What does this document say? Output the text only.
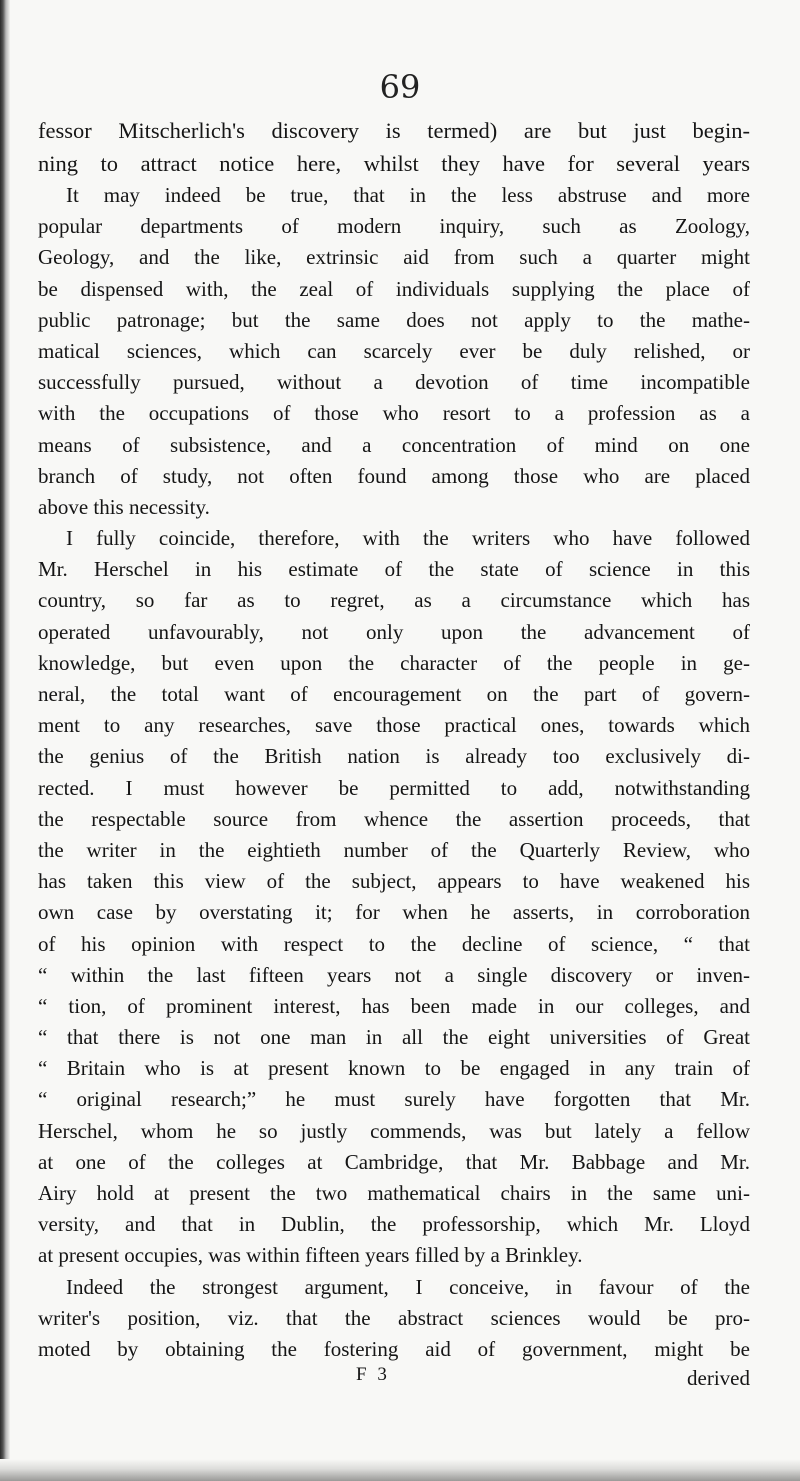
69
fessor Mitscherlich's discovery is termed) are but just begin-
ning to attract notice here, whilst they have for several years
It may indeed be true, that in the less abstruse and more
popular departments of modern inquiry, such as Zoology,
Geology, and the like, extrinsic aid from such a quarter might
be dispensed with, the zeal of individuals supplying the place of
public patronage; but the same does not apply to the mathe-
matical sciences, which can scarcely ever be duly relished, or
successfully pursued, without a devotion of time incompatible
with the occupations of those who resort to a profession as a
means of subsistence, and a concentration of mind on one
branch of study, not often found among those who are placed
above this necessity.
I fully coincide, therefore, with the writers who have followed
Mr. Herschel in his estimate of the state of science in this
country, so far as to regret, as a circumstance which has
operated unfavourably, not only upon the advancement of
knowledge, but even upon the character of the people in ge-
neral, the total want of encouragement on the part of govern-
ment to any researches, save those practical ones, towards which
the genius of the British nation is already too exclusively di-
rected. I must however be permitted to add, notwithstanding
the respectable source from whence the assertion proceeds, that
the writer in the eightieth number of the Quarterly Review, who
has taken this view of the subject, appears to have weakened his
own case by overstating it; for when he asserts, in corroboration
of his opinion with respect to the decline of science, “ that
“ within the last fifteen years not a single discovery or inven-
“ tion, of prominent interest, has been made in our colleges, and
“ that there is not one man in all the eight universities of Great
“ Britain who is at present known to be engaged in any train of
“ original research;” he must surely have forgotten that Mr.
Herschel, whom he so justly commends, was but lately a fellow
at one of the colleges at Cambridge, that Mr. Babbage and Mr.
Airy hold at present the two mathematical chairs in the same uni-
versity, and that in Dublin, the professorship, which Mr. Lloyd
at present occupies, was within fifteen years filled by a Brinkley.
Indeed the strongest argument, I conceive, in favour of the
writer's position, viz. that the abstract sciences would be pro-
moted by obtaining the fostering aid of government, might be
F 3	derived
